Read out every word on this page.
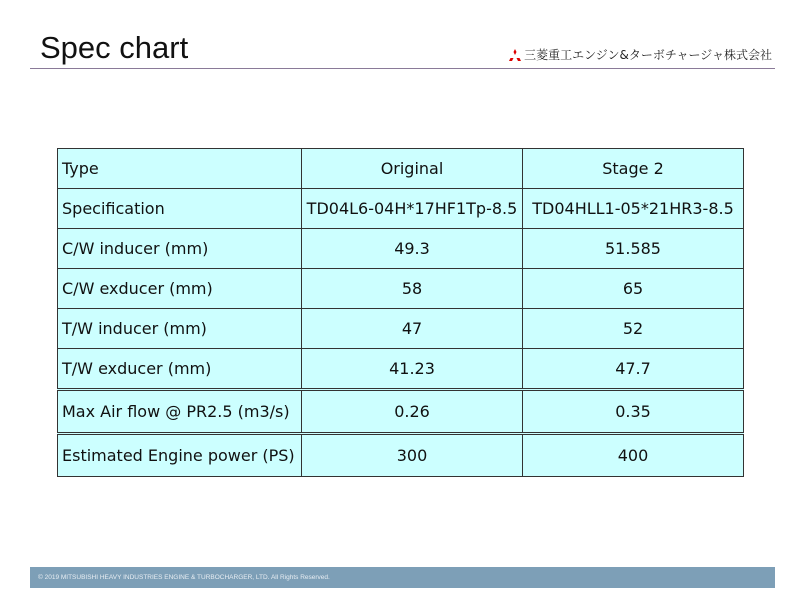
Spec chart	三菱重工エンジン&ターボチャージャ株式会社
Type	Original	Stage 2
Specification	TD04L6-04H*17HF1Tp-8.5	TD04HLL1-05*21HR3-8.5
C/W inducer (mm)	49.3	51.585
C/W exducer (mm)	58	65
T/W inducer (mm)	47	52
T/W exducer (mm)	41.23	47.7
Max Air flow @ PR2.5 (m3/s)	0.26	0.35
Estimated Engine power (PS)	300	400
© 2019 MITSUBISHI HEAVY INDUSTRIES ENGINE & TURBOCHARGER, LTD. All Rights Reserved.
